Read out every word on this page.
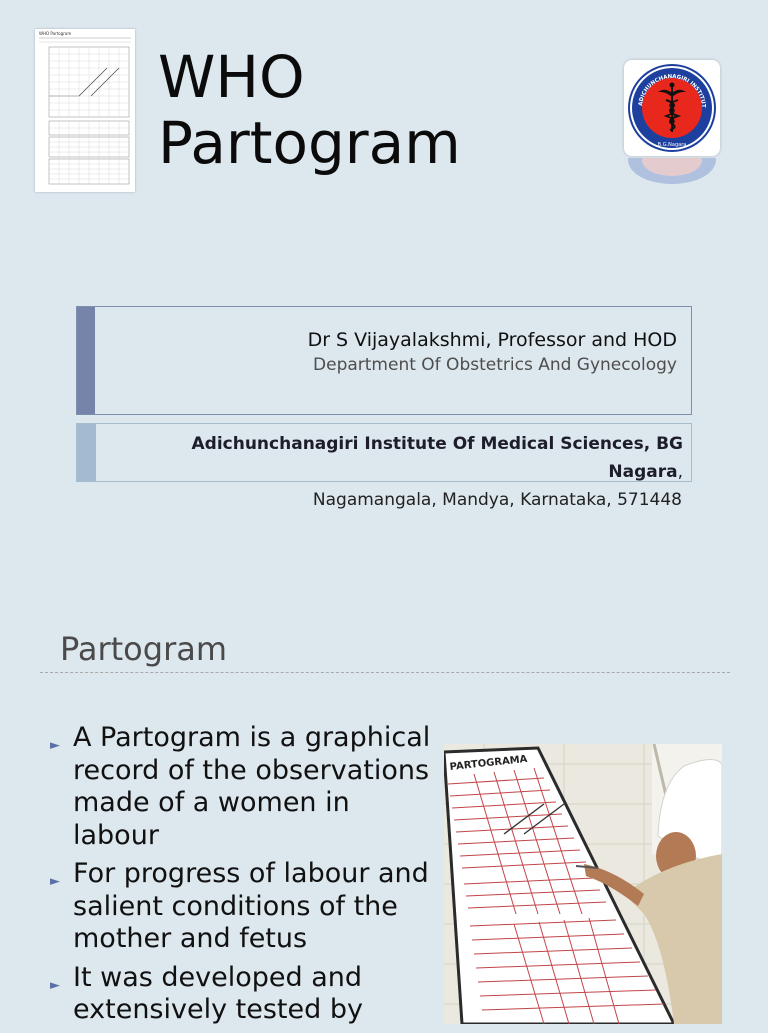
WHO Partogram
WHO
Partogram
ADICHUNCHANAGIRI INSTITUT
B.G.Nagara
Dr S Vijayalakshmi, Professor and HOD
Department Of Obstetrics And Gynecology
Adichunchanagiri Institute Of Medical Sciences, BG
Nagara,
Nagamangala, Mandya, Karnataka, 571448
Partogram
► A Partogram is a graphical record of the observations made of a women in labour
► For progress of labour and salient conditions of the mother and fetus
► It was developed and extensively tested by
PARTOGRAMA
